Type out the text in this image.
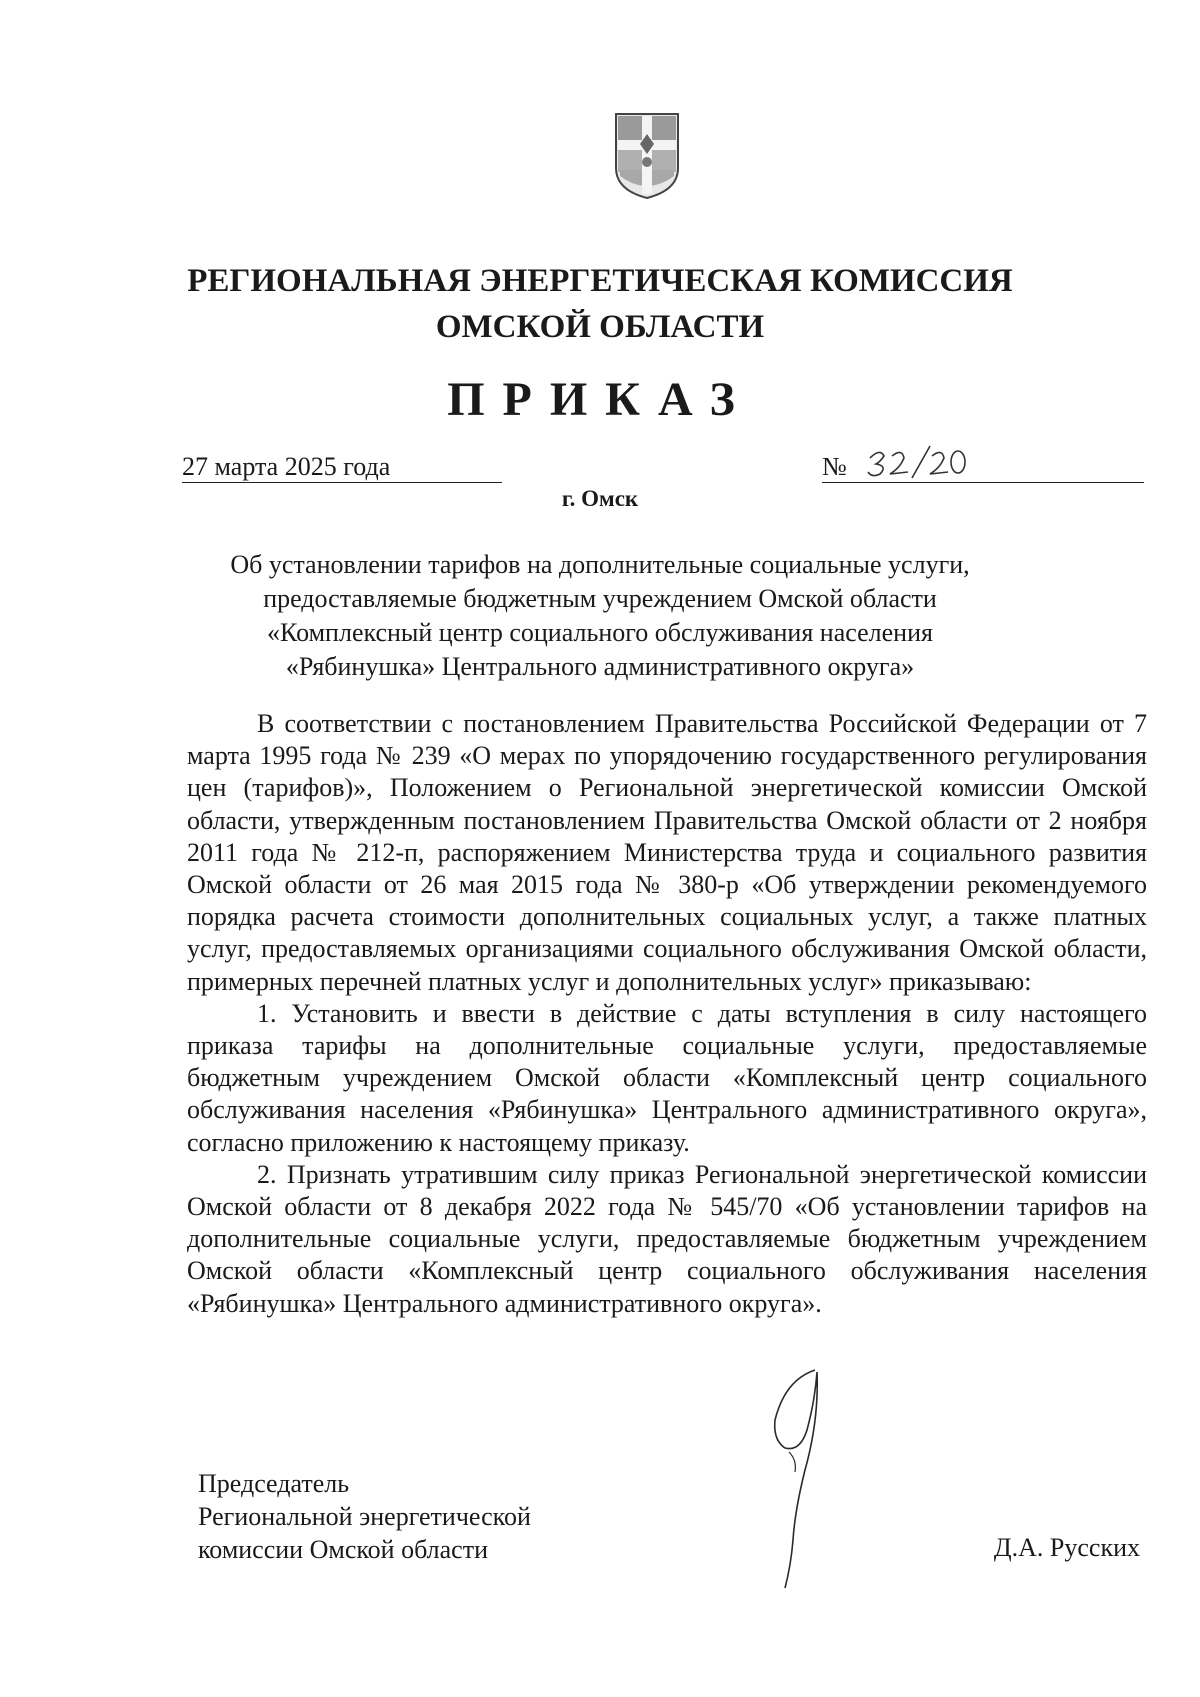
РЕГИОНАЛЬНАЯ ЭНЕРГЕТИЧЕСКАЯ КОМИССИЯ
ОМСКОЙ ОБЛАСТИ
ПРИКАЗ
27 марта 2025 года	№
г. Омск
Об установлении тарифов на дополнительные социальные услуги,
предоставляемые бюджетным учреждением Омской области
«Комплексный центр социального обслуживания населения
«Рябинушка» Центрального административного округа»

В соответствии с постановлением Правительства Российской Федерации от 7 марта 1995 года № 239 «О мерах по упорядочению государственного регулирования цен (тарифов)», Положением о Региональной энергетической комиссии Омской области, утвержденным постановлением Правительства Омской области от 2 ноября 2011 года № 212-п, распоряжением Министерства труда и социального развития Омской области от 26 мая 2015 года № 380-р «Об утверждении рекомендуемого порядка расчета стоимости дополнительных социальных услуг, а также платных услуг, предоставляемых организациями социального обслуживания Омской области, примерных перечней платных услуг и дополнительных услуг» приказываю:

1. Установить и ввести в действие с даты вступления в силу настоящего приказа тарифы на дополнительные социальные услуги, предоставляемые бюджетным учреждением Омской области «Комплексный центр социального обслуживания населения «Рябинушка» Центрального административного округа», согласно приложению к настоящему приказу.

2. Признать утратившим силу приказ Региональной энергетической комиссии Омской области от 8 декабря 2022 года № 545/70 «Об установлении тарифов на дополнительные социальные услуги, предоставляемые бюджетным учреждением Омской области «Комплексный центр социального обслуживания населения «Рябинушка» Центрального административного округа».

Председатель
Региональной энергетической
комиссии Омской области	Д.А. Русских
